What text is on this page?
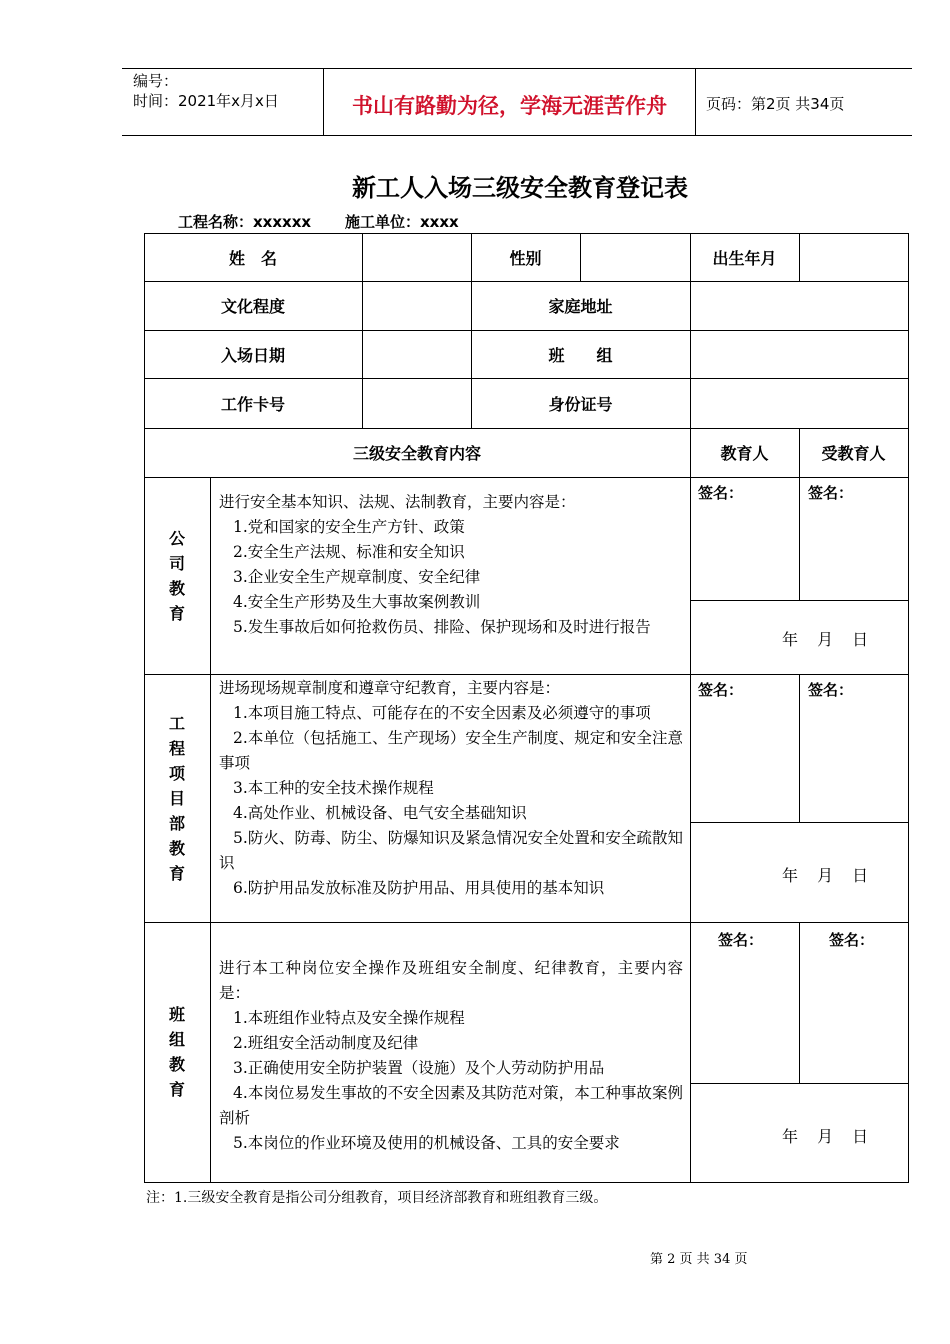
编号：
时间：2021年x月x日	书山有路勤为径，学海无涯苦作舟	页码：第2页 共34页
新工人入场三级安全教育登记表
工程名称：xxxxxx 施工单位：xxxx
姓　名	性别	出生年月
文化程度	家庭地址
入场日期	班　　组
工作卡号	身份证号
三级安全教育内容	教育人	受教育人
公
司
教
育
进行安全基本知识、法规、法制教育，主要内容是：
1.党和国家的安全生产方针、政策
2.安全生产法规、标准和安全知识
3.企业安全生产规章制度、安全纪律
4.安全生产形势及生大事故案例教训
5.发生事故后如何抢救伤员、排险、保护现场和及时进行报告
签名：	签名：
年 月 日
工
程
项
目
部
教
育
进场现场规章制度和遵章守纪教育，主要内容是：
1.本项目施工特点、可能存在的不安全因素及必须遵守的事项
2.本单位（包括施工、生产现场）安全生产制度、规定和安全注意事项
3.本工种的安全技术操作规程
4.高处作业、机械设备、电气安全基础知识
5.防火、防毒、防尘、防爆知识及紧急情况安全处置和安全疏散知识
6.防护用品发放标准及防护用品、用具使用的基本知识
签名：	签名：
年 月 日
班
组
教
育
进行本工种岗位安全操作及班组安全制度、纪律教育，主要内容是：
1.本班组作业特点及安全操作规程
2.班组安全活动制度及纪律
3.正确使用安全防护装置（设施）及个人劳动防护用品
4.本岗位易发生事故的不安全因素及其防范对策，本工种事故案例剖析
5.本岗位的作业环境及使用的机械设备、工具的安全要求
签名：	签名：
年 月 日
注：1.三级安全教育是指公司分组教育，项目经济部教育和班组教育三级。
第 2 页 共 34 页
